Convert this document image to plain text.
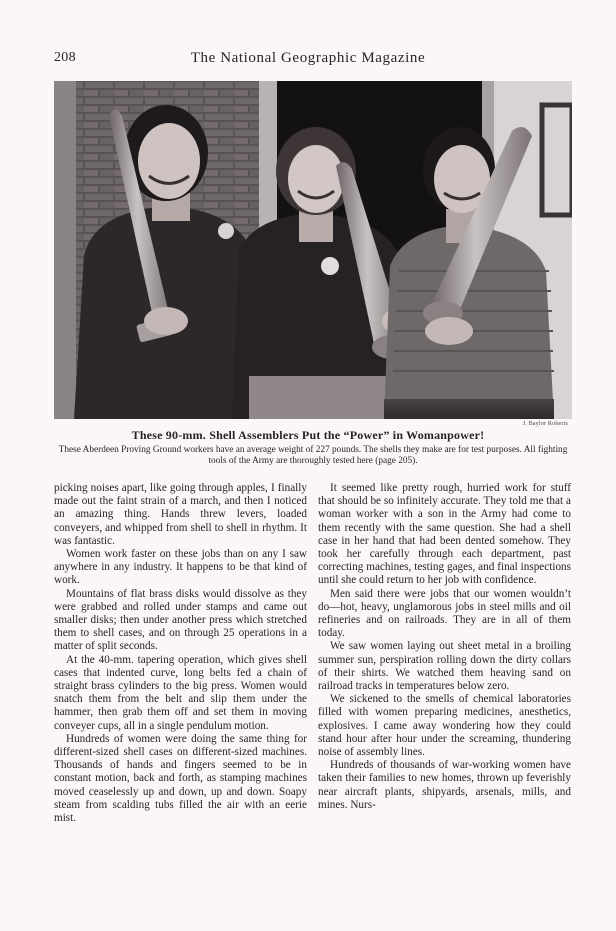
208	The National Geographic Magazine
J. Baylor Roberts
These 90-mm. Shell Assemblers Put the “Power” in Womanpower!
These Aberdeen Proving Ground workers have an average weight of 227 pounds. The shells they make are for test purposes. All fighting tools of the Army are thoroughly tested here (page 205).

picking noises apart, like going through apples, I finally made out the faint strain of a march, and then I noticed an amazing thing. Hands threw levers, loaded conveyers, and whipped from shell to shell in rhythm. It was fantastic.

Women work faster on these jobs than on any I saw anywhere in any industry. It happens to be that kind of work.

Mountains of flat brass disks would dissolve as they were grabbed and rolled under stamps and came out smaller disks; then under another press which stretched them to shell cases, and on through 25 operations in a matter of split seconds.

At the 40-mm. tapering operation, which gives shell cases that indented curve, long belts fed a chain of straight brass cylinders to the big press. Women would snatch them from the belt and slip them under the hammer, then grab them off and set them in moving conveyer cups, all in a single pendulum motion.

Hundreds of women were doing the same thing for different-sized shell cases on different-sized machines. Thousands of hands and fingers seemed to be in constant motion, back and forth, as stamping machines moved ceaselessly up and down, up and down. Soapy steam from scalding tubs filled the air with an eerie mist.

It seemed like pretty rough, hurried work for stuff that should be so infinitely accurate. They told me that a woman worker with a son in the Army had come to them recently with the same question. She had a shell case in her hand that had been dented somehow. They took her carefully through each department, past correcting machines, testing gages, and final inspections until she could return to her job with confidence.

Men said there were jobs that our women wouldn’t do—hot, heavy, unglamorous jobs in steel mills and oil refineries and on railroads. They are in all of them today.

We saw women laying out sheet metal in a broiling summer sun, perspiration rolling down the dirty collars of their shirts. We watched them heaving sand on railroad tracks in temperatures below zero.

We sickened to the smells of chemical laboratories filled with women preparing medicines, anesthetics, explosives. I came away wondering how they could stand hour after hour under the screaming, thundering noise of assembly lines.

Hundreds of thousands of war-working women have taken their families to new homes, thrown up feverishly near aircraft plants, shipyards, arsenals, mills, and mines. Nurs-
